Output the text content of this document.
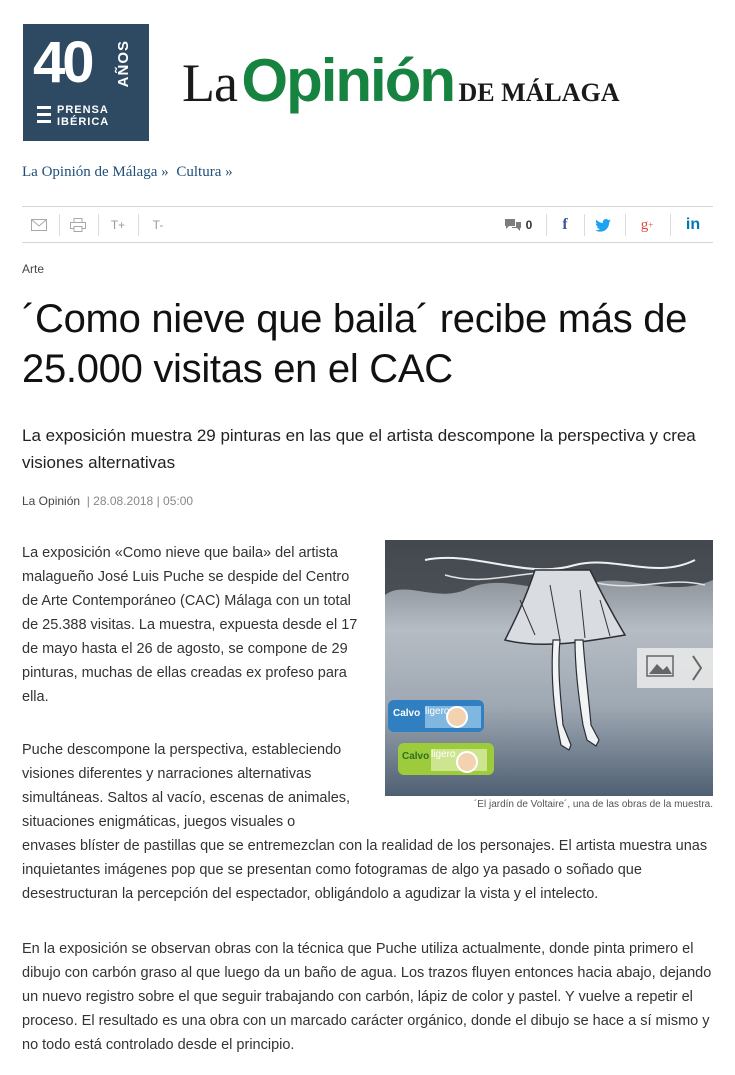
40 AÑOS
PRENSA
IBÉRICA
La Opinión DE MÁLAGA
La Opinión de Málaga » Cultura »
T+	T-	0	f	g + in
Arte
´Como nieve que baila´ recibe más de 25.000 visitas en el CAC
La exposición muestra 29 pinturas en las que el artista descompone la perspectiva y crea visiones alternativas
La Opinión | 28.08.2018 | 05:00
Calvo ligero
Calvo ligero
´El jardín de Voltaire´, una de las obras de la muestra.
La exposición «Como nieve que baila» del artista malagueño José Luis Puche se despide del Centro de Arte Contemporáneo (CAC) Málaga con un total de 25.388 visitas. La muestra, expuesta desde el 17 de mayo hasta el 26 de agosto, se compone de 29 pinturas, muchas de ellas creadas ex profeso para ella.
Puche descompone la perspectiva, estableciendo visiones diferentes y narraciones alternativas simultáneas. Saltos al vacío, escenas de animales, situaciones enigmáticas, juegos visuales o
envases blíster de pastillas que se entremezclan con la realidad de los personajes. El artista muestra unas inquietantes imágenes pop que se presentan como fotogramas de algo ya pasado o soñado que desestructuran la percepción del espectador, obligándolo a agudizar la vista y el intelecto.
En la exposición se observan obras con la técnica que Puche utiliza actualmente, donde pinta primero el dibujo con carbón graso al que luego da un baño de agua. Los trazos fluyen entonces hacia abajo, dejando un nuevo registro sobre el que seguir trabajando con carbón, lápiz de color y pastel. Y vuelve a repetir el proceso. El resultado es una obra con un marcado carácter orgánico, donde el dibujo se hace a sí mismo y no todo está controlado desde el principio.
